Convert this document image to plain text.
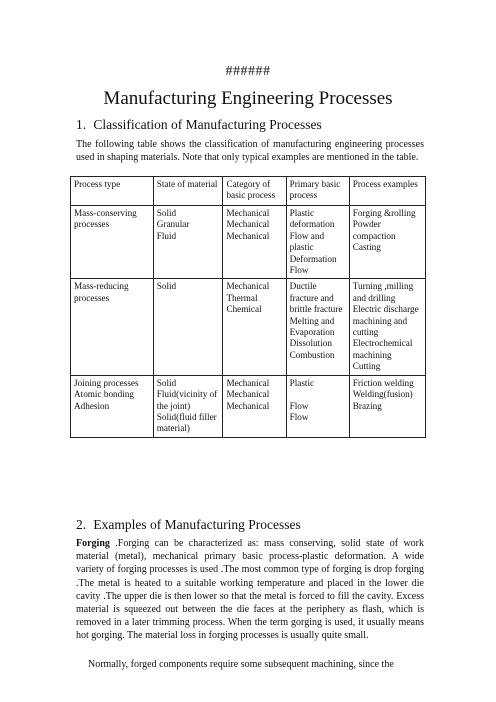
######
Manufacturing Engineering Processes
1. Classification of Manufacturing Processes
The following table shows the classification of manufacturing engineering processes used in shaping materials. Note that only typical examples are mentioned in the table.
Process type	State of material	Category of basic process	Primary basic process	Process examples

Mass-conserving processes	Solid
Granular
Fluid	Mechanical
Mechanical
Mechanical	Plastic deformation
Flow and plastic
Deformation
Flow	Forging &rolling
Powder compaction
Casting

Mass-reducing processes	Solid	Mechanical
Thermal
Chemical	Ductile fracture and brittle fracture
Melting and Evaporation
Dissolution
Combustion	Turning ,milling and drilling
Electric discharge machining and cutting
Electrochemical machining
Cutting

Joining processes
Atomic bonding
Adhesion	Solid
Fluid(vicinity of the joint)
Solid(fluid filler material)	Mechanical
Mechanical
Mechanical	Plastic

Flow
Flow	Friction welding
Welding(fusion)
Brazing
2. Examples of Manufacturing Processes
Forging .Forging can be characterized as: mass conserving, solid state of work material (metal), mechanical primary basic process-plastic deformation. A wide variety of forging processes is used .The most common type of forging is drop forging .The metal is heated to a suitable working temperature and placed in the lower die cavity .The upper die is then lower so that the metal is forced to fill the cavity. Excess material is squeezed out between the die faces at the periphery as flash, which is removed in a later trimming process. When the term gorging is used, it usually means hot gorging. The material loss in forging processes is usually quite small.
Normally, forged components require some subsequent machining, since the
